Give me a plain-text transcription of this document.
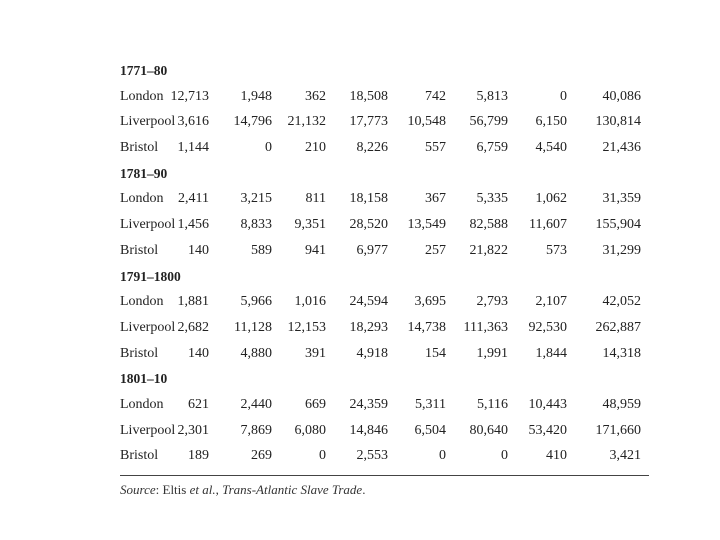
1771–80
London 12,713 1,948 362 18,508	742 5,813	0	40,086
Liverpool 3,616 14,796 21,132 17,773 10,548 56,799 6,150 130,814
Bristol 1,144	0 210 8,226	557 6,759 4,540	21,436
1781–90
London 2,411 3,215 811 18,158	367 5,335 1,062	31,359
Liverpool 1,456 8,833 9,351 28,520 13,549 82,588 11,607 155,904
Bristol 140	589 941 6,977	257 21,822	573	31,299
1791–1800
London 1,881 5,966 1,016 24,594 3,695 2,793 2,107	42,052
Liverpool 2,682 11,128 12,153 18,293 14,738 111,363 92,530 262,887
Bristol 140 4,880 391 4,918	154 1,991 1,844	14,318
1801–10
London 621 2,440 669 24,359 5,311 5,116 10,443	48,959
Liverpool 2,301 7,869 6,080 14,846 6,504 80,640 53,420 171,660
Bristol 189	269	0 2,553	0	0	410	3,421
Source: Eltis et al., Trans-Atlantic Slave Trade.
